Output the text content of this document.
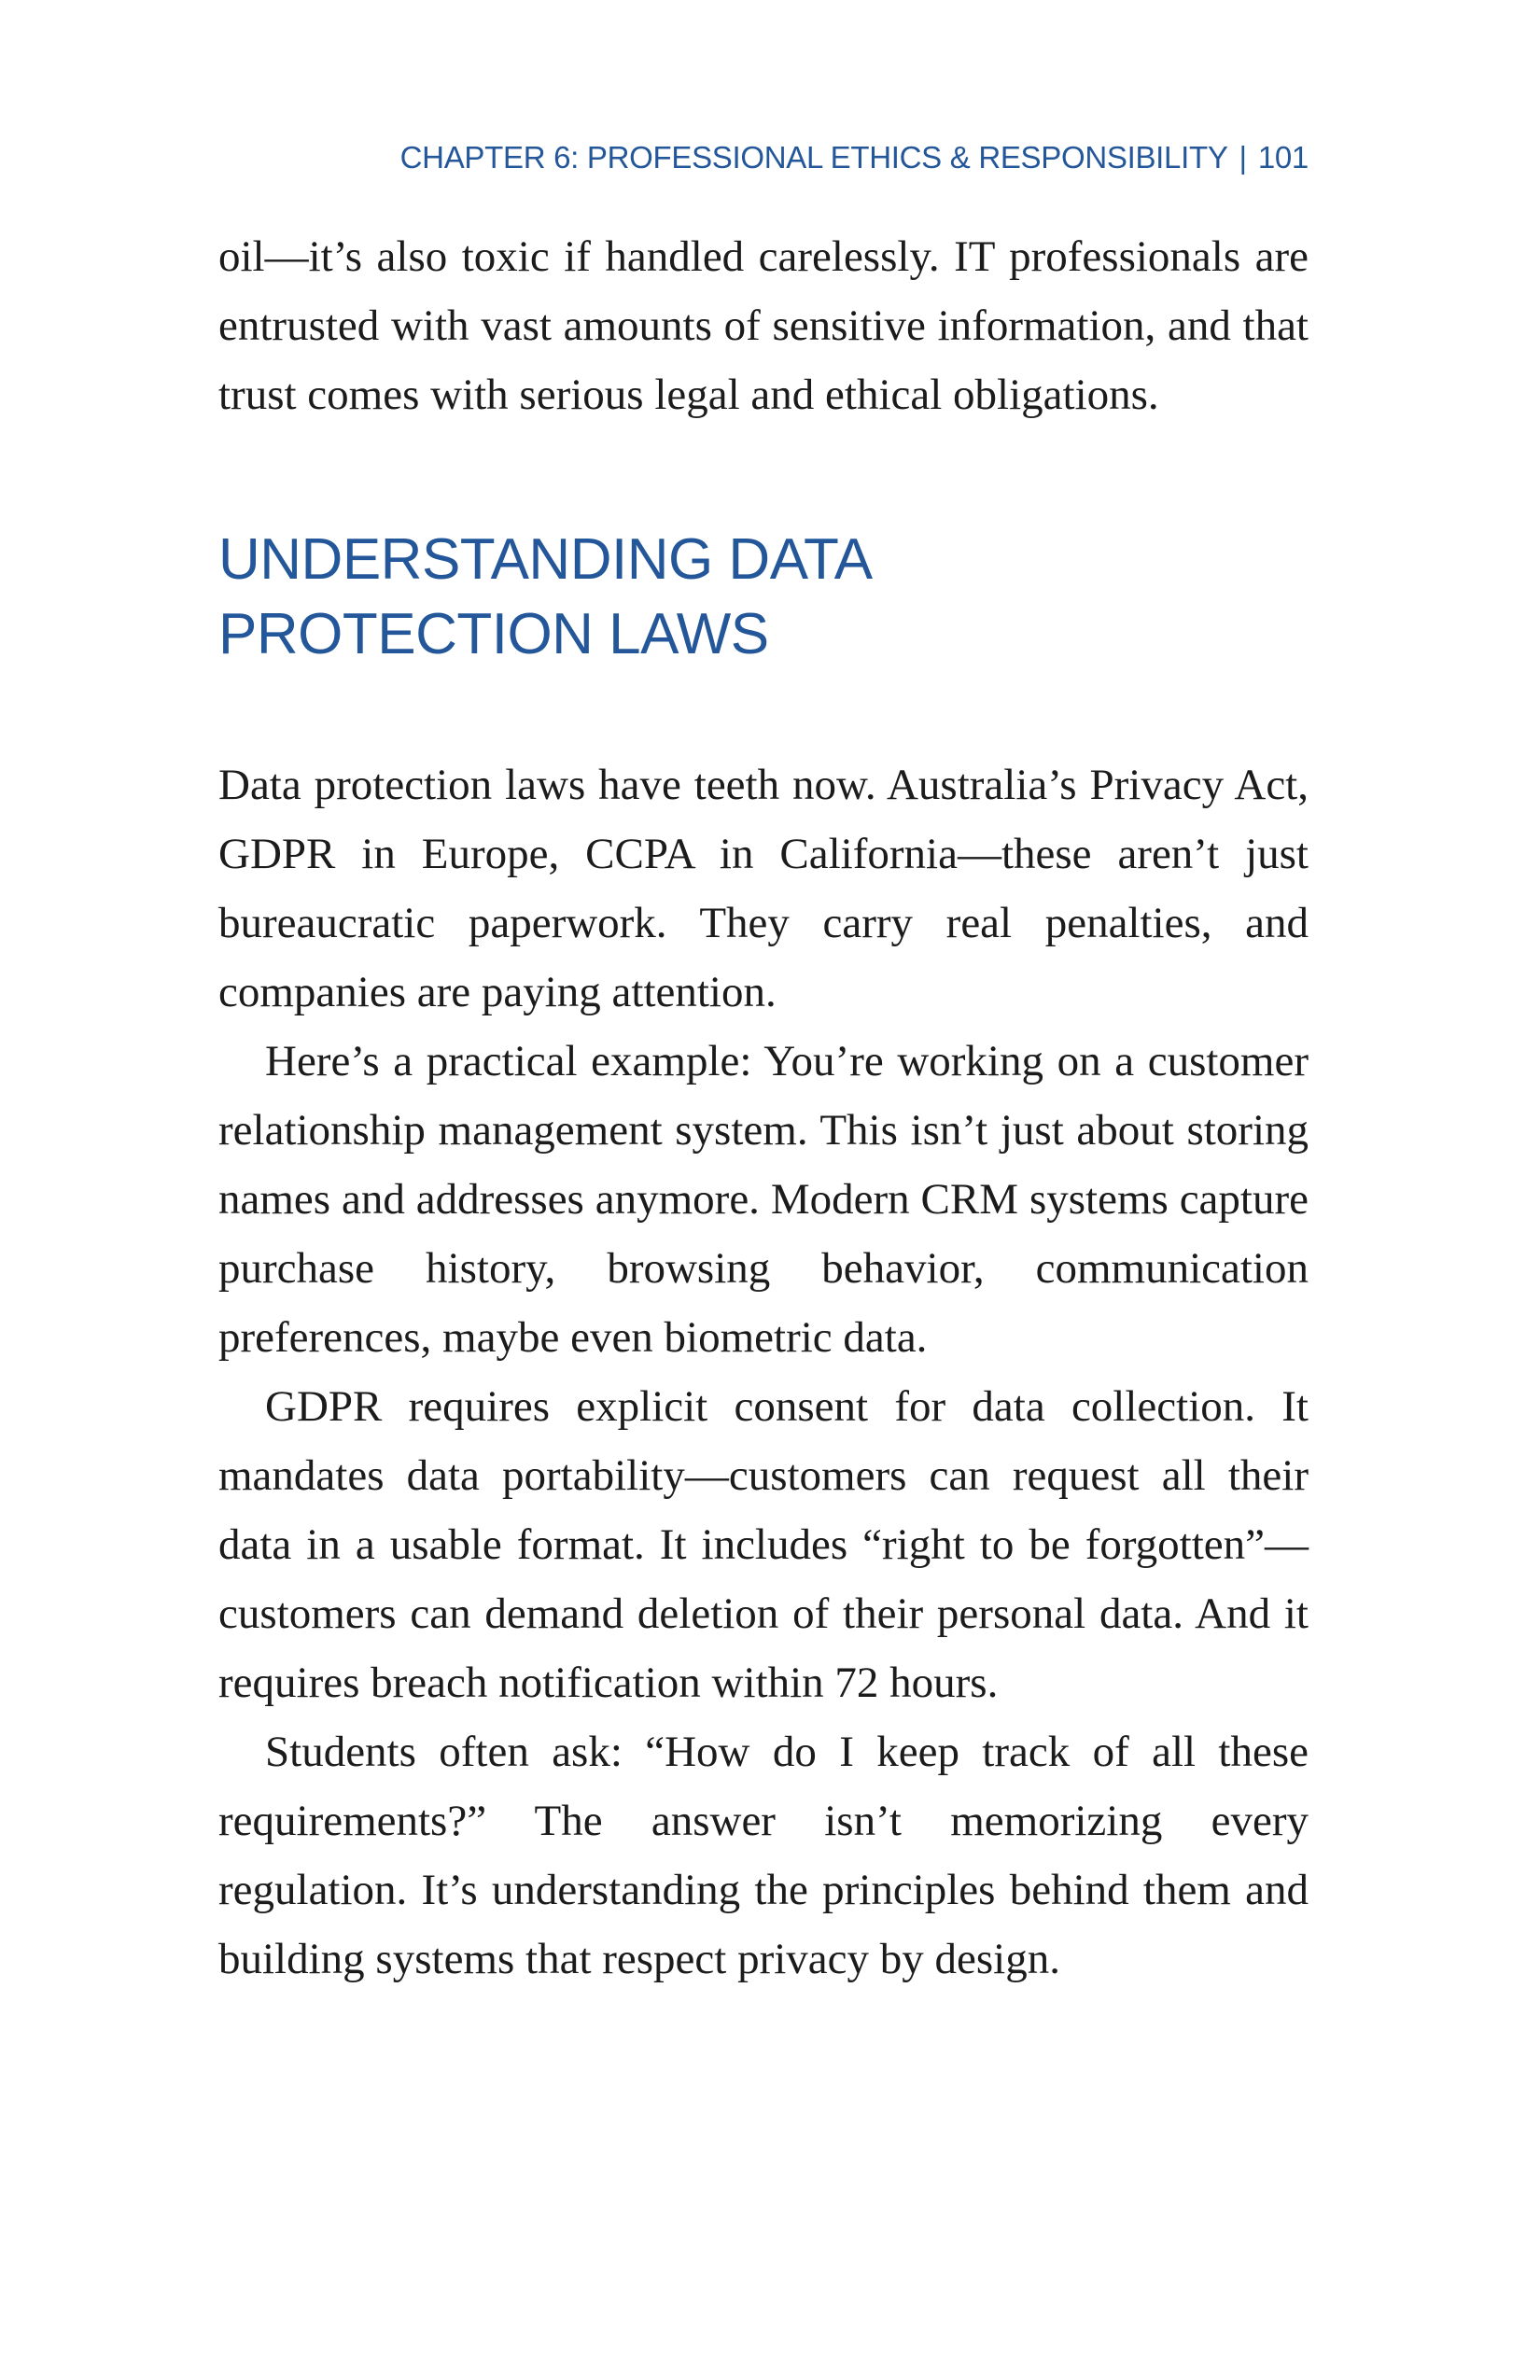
CHAPTER 6: PROFESSIONAL ETHICS & RESPONSIBILITY | 101

oil—it’s also toxic if handled carelessly. IT professionals are entrusted with vast amounts of sensitive information, and that trust comes with serious legal and ethical obligations.

UNDERSTANDING DATA PROTECTION LAWS

Data protection laws have teeth now. Australia’s Privacy Act, GDPR in Europe, CCPA in California—these aren’t just bureaucratic paperwork. They carry real penalties, and companies are paying attention.

Here’s a practical example: You’re working on a customer relationship management system. This isn’t just about storing names and addresses anymore. Modern CRM systems capture purchase history, browsing behavior, communication preferences, maybe even biometric data.

GDPR requires explicit consent for data collection. It mandates data portability—customers can request all their data in a usable format. It includes “right to be forgotten”—customers can demand deletion of their personal data. And it requires breach notification within 72 hours.

Students often ask: “How do I keep track of all these requirements?” The answer isn’t memorizing every regulation. It’s understanding the principles behind them and building systems that respect privacy by design.
